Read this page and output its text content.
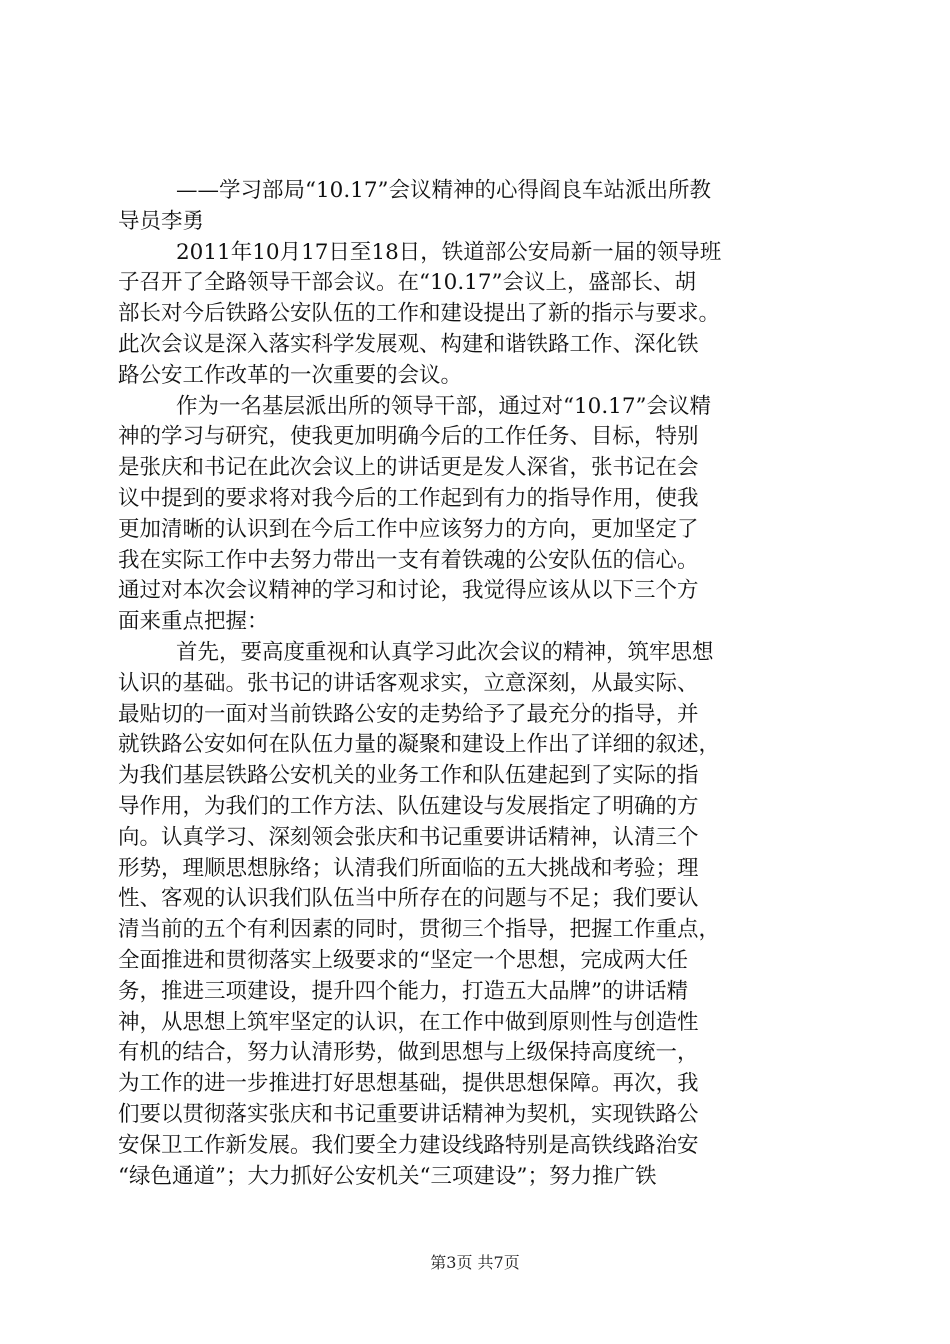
——学习部局“10.17”会议精神的心得阎良车站派出所教
导员李勇
2011年10月17日至18日，铁道部公安局新一届的领导班
子召开了全路领导干部会议。在“10.17”会议上，盛部长、胡
部长对今后铁路公安队伍的工作和建设提出了新的指示与要求。
此次会议是深入落实科学发展观、构建和谐铁路工作、深化铁
路公安工作改革的一次重要的会议。
作为一名基层派出所的领导干部，通过对“10.17”会议精
神的学习与研究，使我更加明确今后的工作任务、目标，特别
是张庆和书记在此次会议上的讲话更是发人深省，张书记在会
议中提到的要求将对我今后的工作起到有力的指导作用，使我
更加清晰的认识到在今后工作中应该努力的方向，更加坚定了
我在实际工作中去努力带出一支有着铁魂的公安队伍的信心。
通过对本次会议精神的学习和讨论，我觉得应该从以下三个方
面来重点把握：
首先，要高度重视和认真学习此次会议的精神，筑牢思想
认识的基础。张书记的讲话客观求实，立意深刻，从最实际、
最贴切的一面对当前铁路公安的走势给予了最充分的指导，并
就铁路公安如何在队伍力量的凝聚和建设上作出了详细的叙述，
为我们基层铁路公安机关的业务工作和队伍建起到了实际的指
导作用，为我们的工作方法、队伍建设与发展指定了明确的方
向。认真学习、深刻领会张庆和书记重要讲话精神，认清三个
形势，理顺思想脉络；认清我们所面临的五大挑战和考验；理
性、客观的认识我们队伍当中所存在的问题与不足；我们要认
清当前的五个有利因素的同时，贯彻三个指导，把握工作重点，
全面推进和贯彻落实上级要求的“坚定一个思想，完成两大任
务，推进三项建设，提升四个能力，打造五大品牌”的讲话精
神，从思想上筑牢坚定的认识，在工作中做到原则性与创造性
有机的结合，努力认清形势，做到思想与上级保持高度统一，
为工作的进一步推进打好思想基础，提供思想保障。再次，我
们要以贯彻落实张庆和书记重要讲话精神为契机，实现铁路公
安保卫工作新发展。我们要全力建设线路特别是高铁线路治安
“绿色通道”；大力抓好公安机关“三项建设”；努力推广铁
第3页 共7页
